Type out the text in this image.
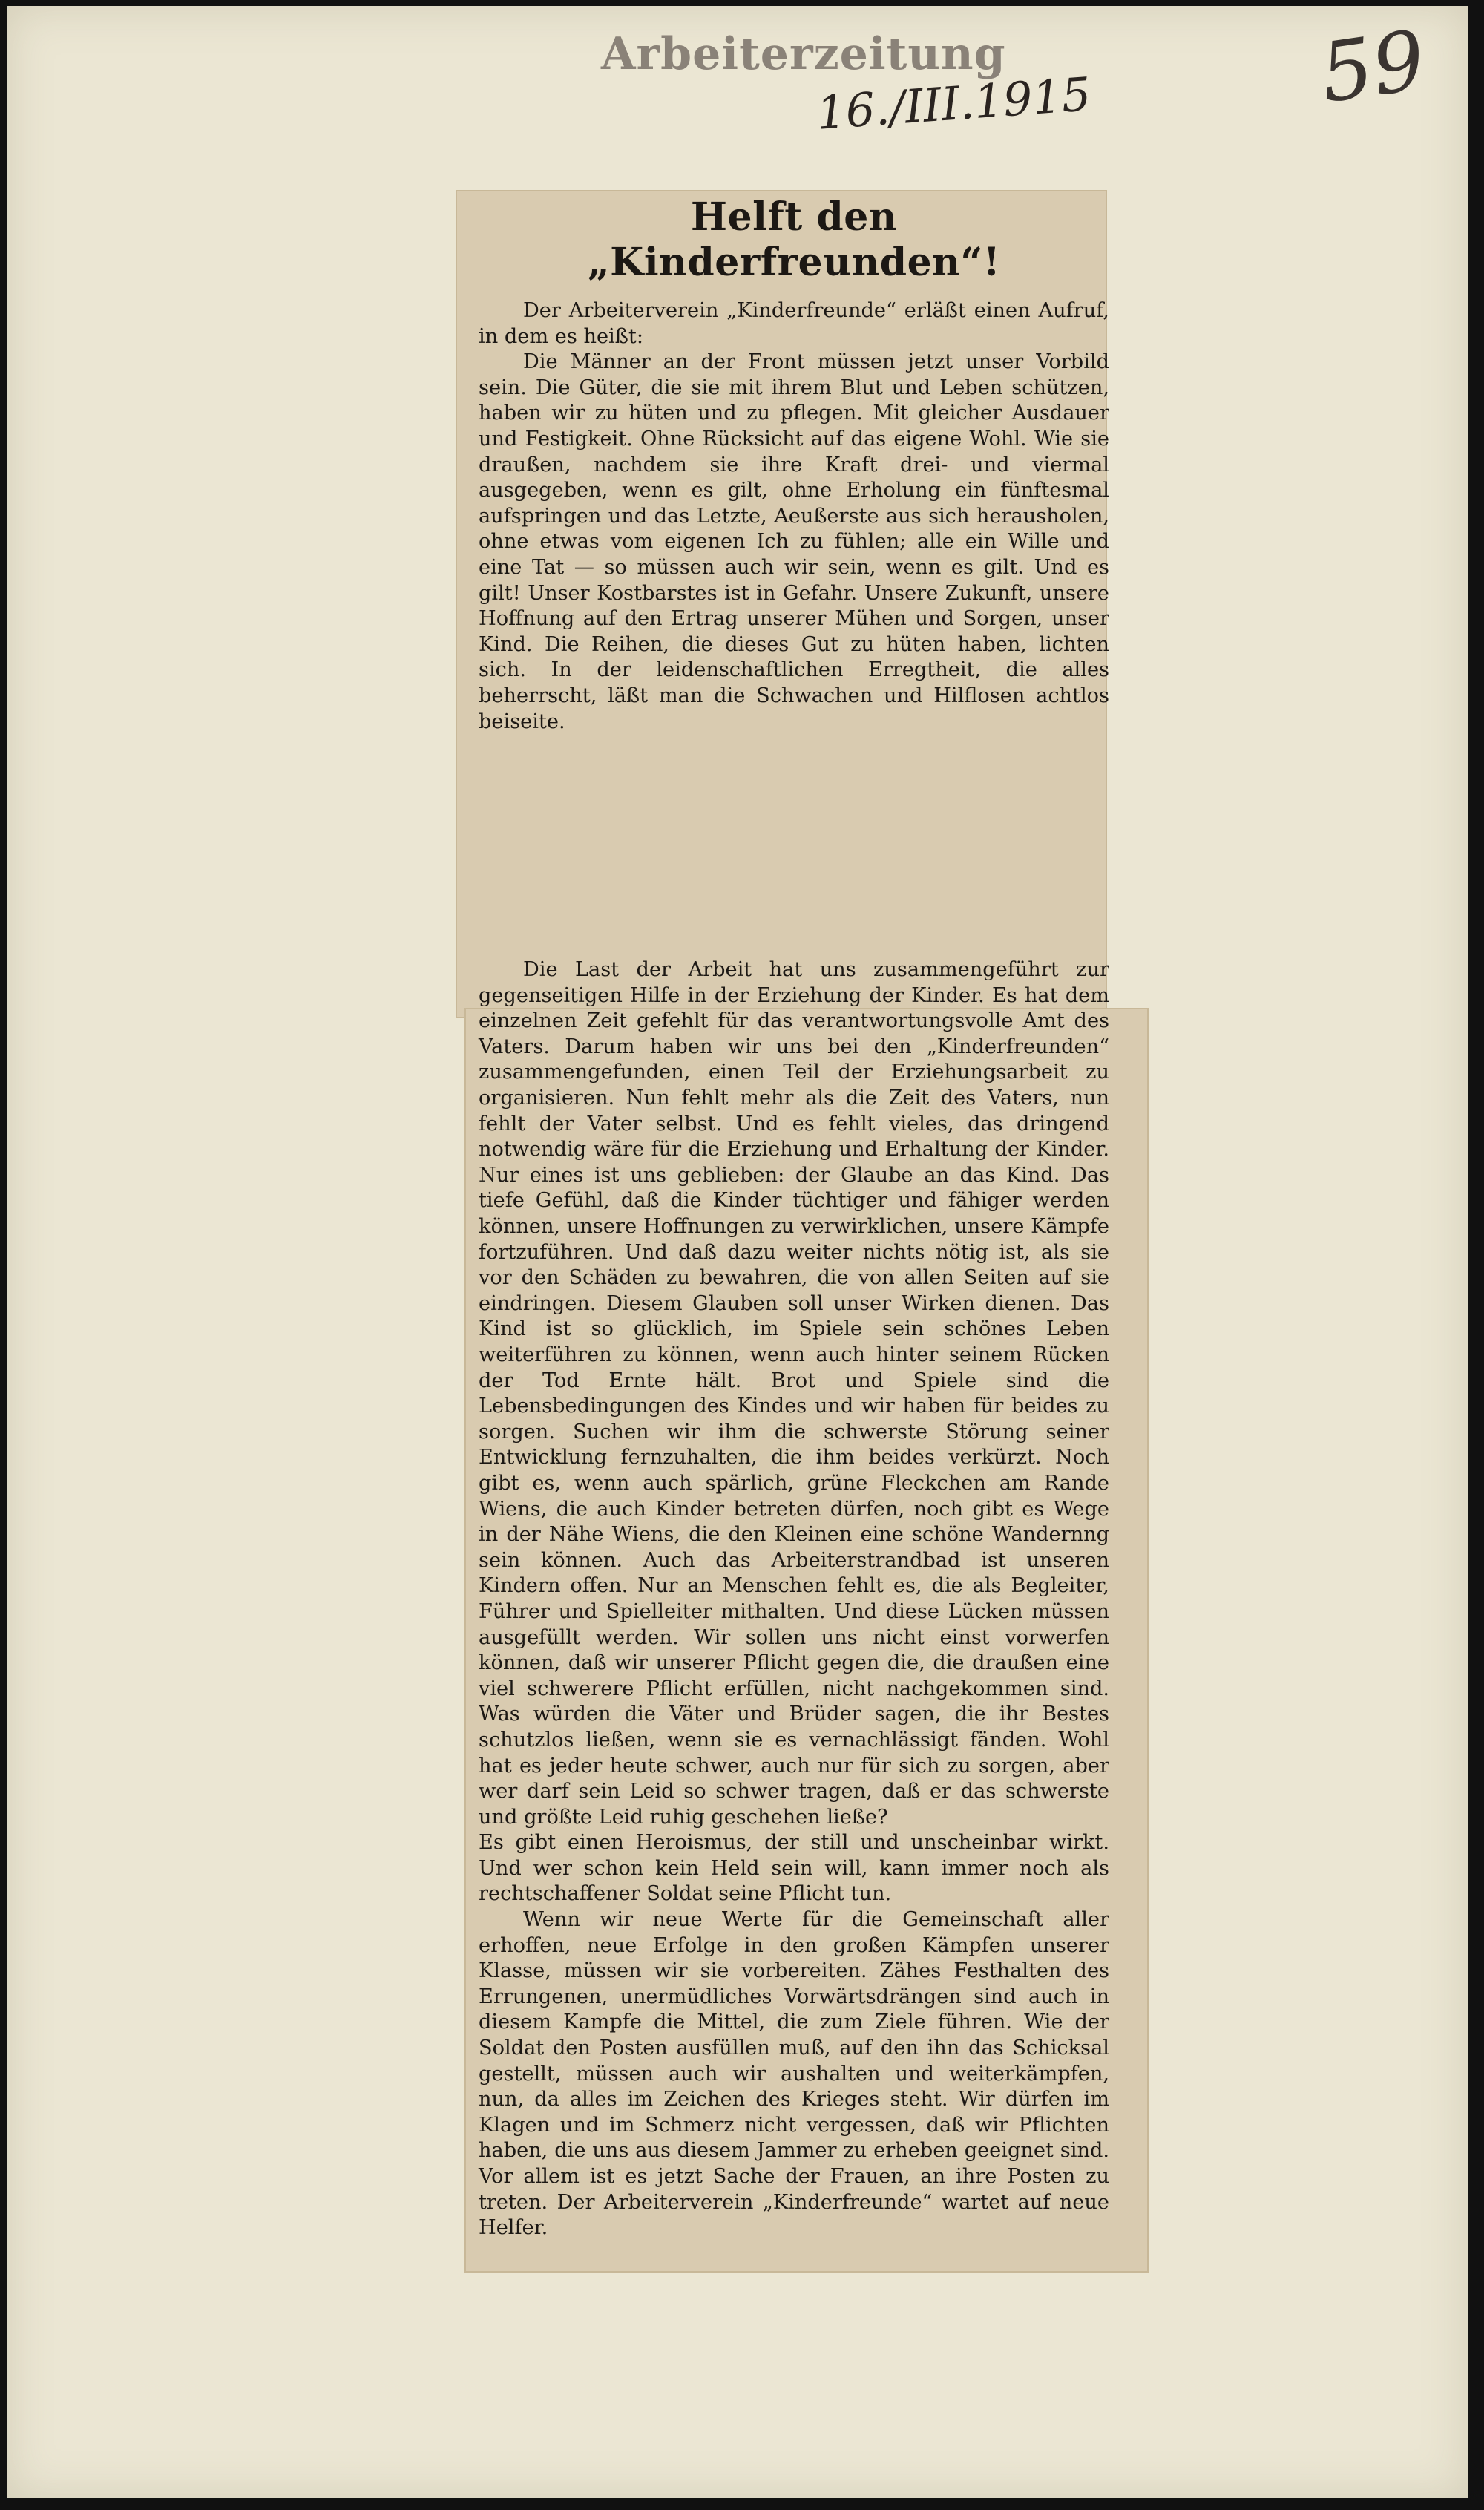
Arbeiterzeitung
16./III.1915	59
Helft den „Kinderfreunden“!

Der Arbeiterverein „Kinderfreunde“ erläßt einen Aufruf, in dem es heißt:

Die Männer an der Front müssen jetzt unser Vorbild sein. Die Güter, die sie mit ihrem Blut und Leben schützen, haben wir zu hüten und zu pflegen. Mit gleicher Ausdauer und Festigkeit. Ohne Rücksicht auf das eigene Wohl. Wie sie draußen, nachdem sie ihre Kraft drei- und viermal ausgegeben, wenn es gilt, ohne Erholung ein fünftesmal aufspringen und das Letzte, Aeußerste aus sich herausholen, ohne etwas vom eigenen Ich zu fühlen; alle ein Wille und eine Tat — so müssen auch wir sein, wenn es gilt. Und es gilt! Unser Kostbarstes ist in Gefahr. Unsere Zukunft, unsere Hoffnung auf den Ertrag unserer Mühen und Sorgen, unser Kind. Die Reihen, die dieses Gut zu hüten haben, lichten sich. In der leidenschaftlichen Erregtheit, die alles beherrscht, läßt man die Schwachen und Hilflosen achtlos beiseite.

Die Last der Arbeit hat uns zusammengeführt zur gegenseitigen Hilfe in der Erziehung der Kinder. Es hat dem einzelnen Zeit gefehlt für das verantwortungsvolle Amt des Vaters. Darum haben wir uns bei den „Kinderfreunden“ zusammengefunden, einen Teil der Erziehungsarbeit zu organisieren. Nun fehlt mehr als die Zeit des Vaters, nun fehlt der Vater selbst. Und es fehlt vieles, das dringend notwendig wäre für die Erziehung und Erhaltung der Kinder. Nur eines ist uns geblieben: der Glaube an das Kind. Das tiefe Gefühl, daß die Kinder tüchtiger und fähiger werden können, unsere Hoffnungen zu verwirklichen, unsere Kämpfe fortzuführen. Und daß dazu weiter nichts nötig ist, als sie vor den Schäden zu bewahren, die von allen Seiten auf sie eindringen. Diesem Glauben soll unser Wirken dienen. Das Kind ist so glücklich, im Spiele sein schönes Leben weiterführen zu können, wenn auch hinter seinem Rücken der Tod Ernte hält. Brot und Spiele sind die Lebensbedingungen des Kindes und wir haben für beides zu sorgen. Suchen wir ihm die schwerste Störung seiner Entwicklung fernzuhalten, die ihm beides verkürzt. Noch gibt es, wenn auch spärlich, grüne Fleckchen am Rande Wiens, die auch Kinder betreten dürfen, noch gibt es Wege in der Nähe Wiens, die den Kleinen eine schöne Wandernng sein können. Auch das Arbeiterstrandbad ist unseren Kindern offen. Nur an Menschen fehlt es, die als Begleiter, Führer und Spielleiter mithalten. Und diese Lücken müssen ausgefüllt werden. Wir sollen uns nicht einst vorwerfen können, daß wir unserer Pflicht gegen die, die draußen eine viel schwerere Pflicht erfüllen, nicht nachgekommen sind. Was würden die Väter und Brüder sagen, die ihr Bestes schutzlos ließen, wenn sie es vernachlässigt fänden. Wohl hat es jeder heute schwer, auch nur für sich zu sorgen, aber wer darf sein Leid so schwer tragen, daß er das schwerste und größte Leid ruhig geschehen ließe?

Es gibt einen Heroismus, der still und unscheinbar wirkt. Und wer schon kein Held sein will, kann immer noch als rechtschaffener Soldat seine Pflicht tun.

Wenn wir neue Werte für die Gemeinschaft aller erhoffen, neue Erfolge in den großen Kämpfen unserer Klasse, müssen wir sie vorbereiten. Zähes Festhalten des Errungenen, unermüdliches Vorwärtsdrängen sind auch in diesem Kampfe die Mittel, die zum Ziele führen. Wie der Soldat den Posten ausfüllen muß, auf den ihn das Schicksal gestellt, müssen auch wir aushalten und weiterkämpfen, nun, da alles im Zeichen des Krieges steht. Wir dürfen im Klagen und im Schmerz nicht vergessen, daß wir Pflichten haben, die uns aus diesem Jammer zu erheben geeignet sind. Vor allem ist es jetzt Sache der Frauen, an ihre Posten zu treten. Der Arbeiterverein „Kinderfreunde“ wartet auf neue Helfer.
